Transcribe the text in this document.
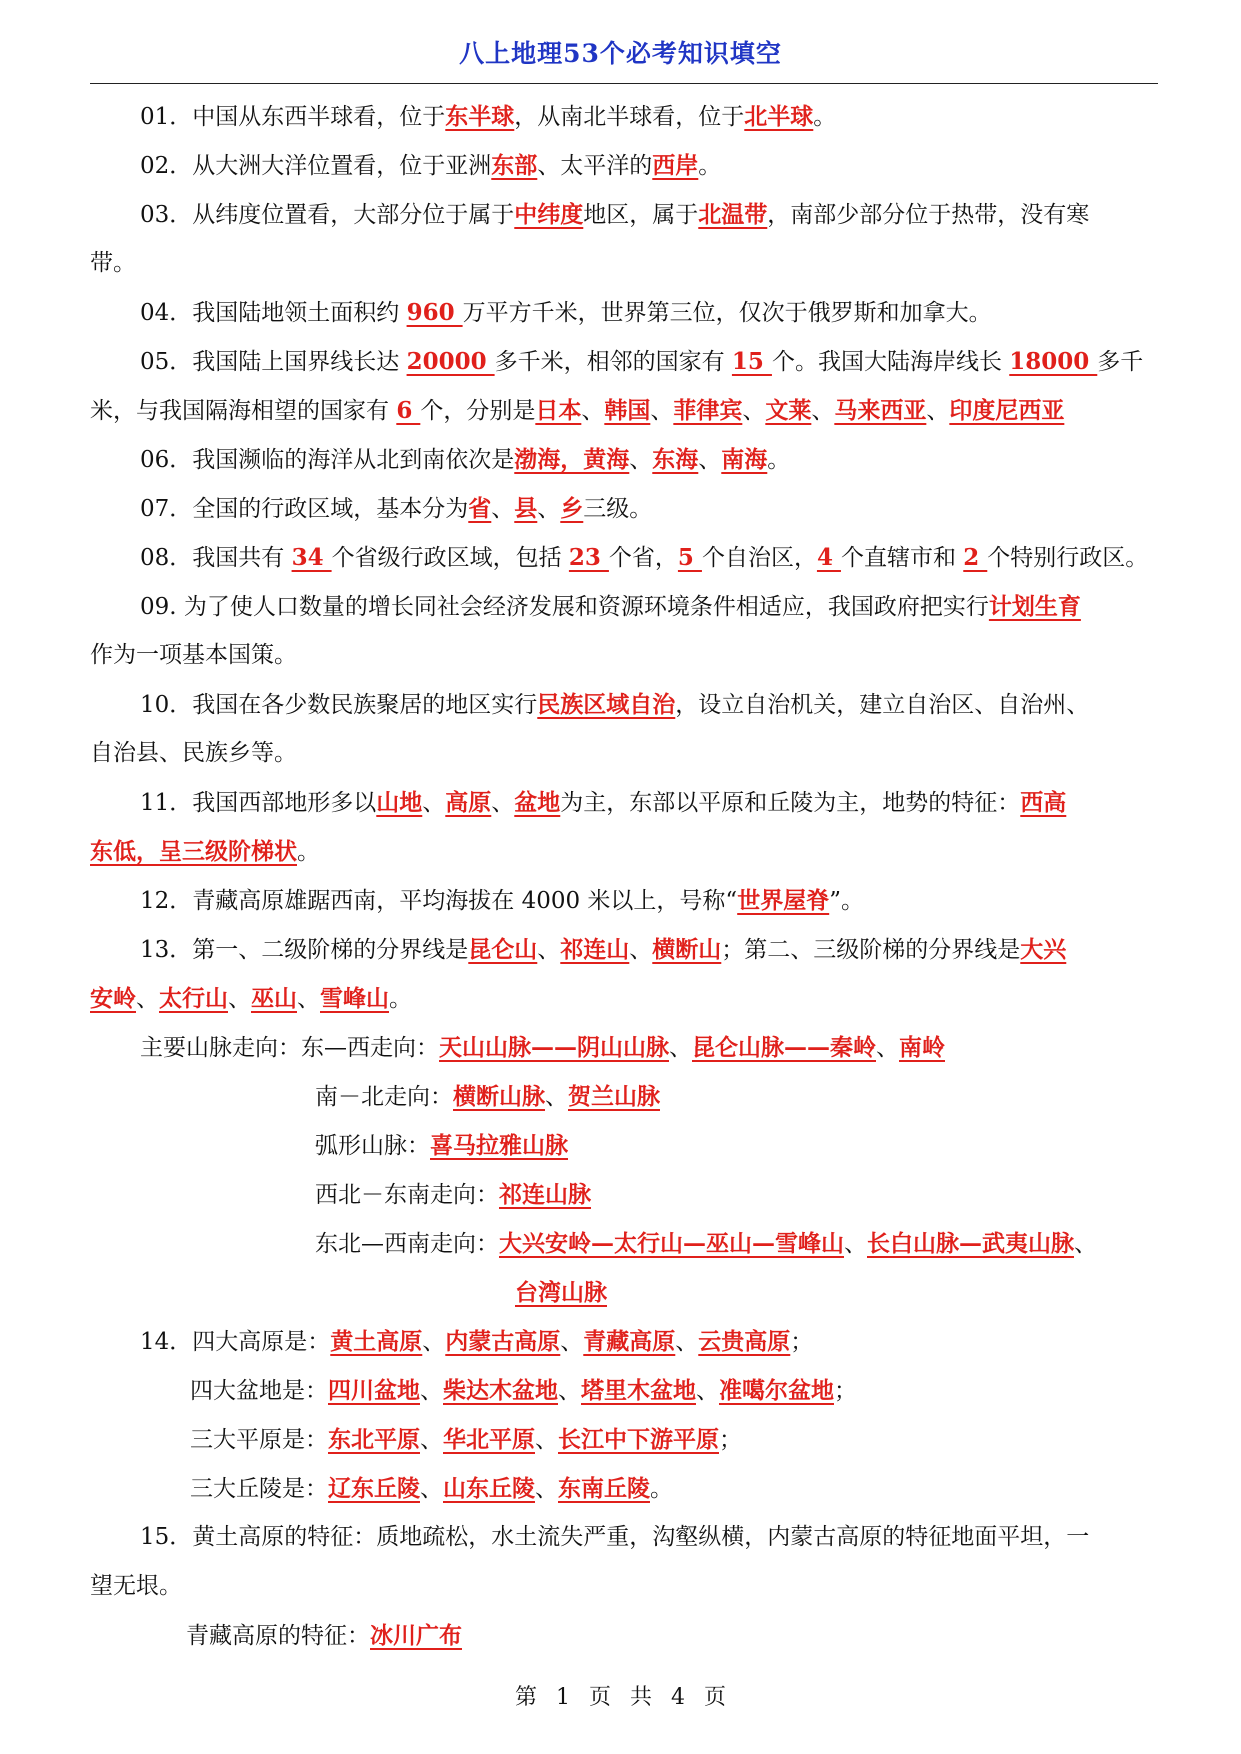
八上地理53个必考知识填空
01．中国从东西半球看，位于东半球，从南北半球看，位于北半球。
02．从大洲大洋位置看，位于亚洲东部、太平洋的西岸。
03．从纬度位置看，大部分位于属于中纬度地区，属于北温带，南部少部分位于热带，没有寒
带。
04．我国陆地领土面积约 960 万平方千米，世界第三位，仅次于俄罗斯和加拿大。
05．我国陆上国界线长达 20000 多千米，相邻的国家有 15 个。我国大陆海岸线长 18000 多千
米，与我国隔海相望的国家有 6 个，分别是日本、韩国、菲律宾、文莱、马来西亚、印度尼西亚
06．我国濒临的海洋从北到南依次是渤海，黄海、东海、南海。
07．全国的行政区域，基本分为省、县、乡三级。
08．我国共有 34 个省级行政区域，包括 23 个省，5 个自治区，4 个直辖市和 2 个特别行政区。
09. 为了使人口数量的增长同社会经济发展和资源环境条件相适应，我国政府把实行计划生育
作为一项基本国策。
10．我国在各少数民族聚居的地区实行民族区域自治，设立自治机关，建立自治区、自治州、
自治县、民族乡等。
11．我国西部地形多以山地、高原、盆地为主，东部以平原和丘陵为主，地势的特征：西高
东低，呈三级阶梯状。
12．青藏高原雄踞西南，平均海拔在 4000 米以上，号称“世界屋脊”。
13．第一、二级阶梯的分界线是昆仑山、祁连山、横断山；第二、三级阶梯的分界线是大兴
安岭、太行山、巫山、雪峰山。
主要山脉走向：东—西走向：天山山脉——阴山山脉、昆仑山脉——秦岭、南岭
南－北走向：横断山脉、贺兰山脉
弧形山脉：喜马拉雅山脉
西北－东南走向：祁连山脉
东北—西南走向：大兴安岭—太行山—巫山—雪峰山、长白山脉—武夷山脉、
台湾山脉
14．四大高原是：黄土高原、内蒙古高原、青藏高原、云贵高原；
四大盆地是：四川盆地、柴达木盆地、塔里木盆地、准噶尔盆地；
三大平原是：东北平原、华北平原、长江中下游平原；
三大丘陵是：辽东丘陵、山东丘陵、东南丘陵。
15．黄土高原的特征：质地疏松，水土流失严重，沟壑纵横，内蒙古高原的特征地面平坦，一
望无垠。
青藏高原的特征：冰川广布
第 1 页 共 4 页
